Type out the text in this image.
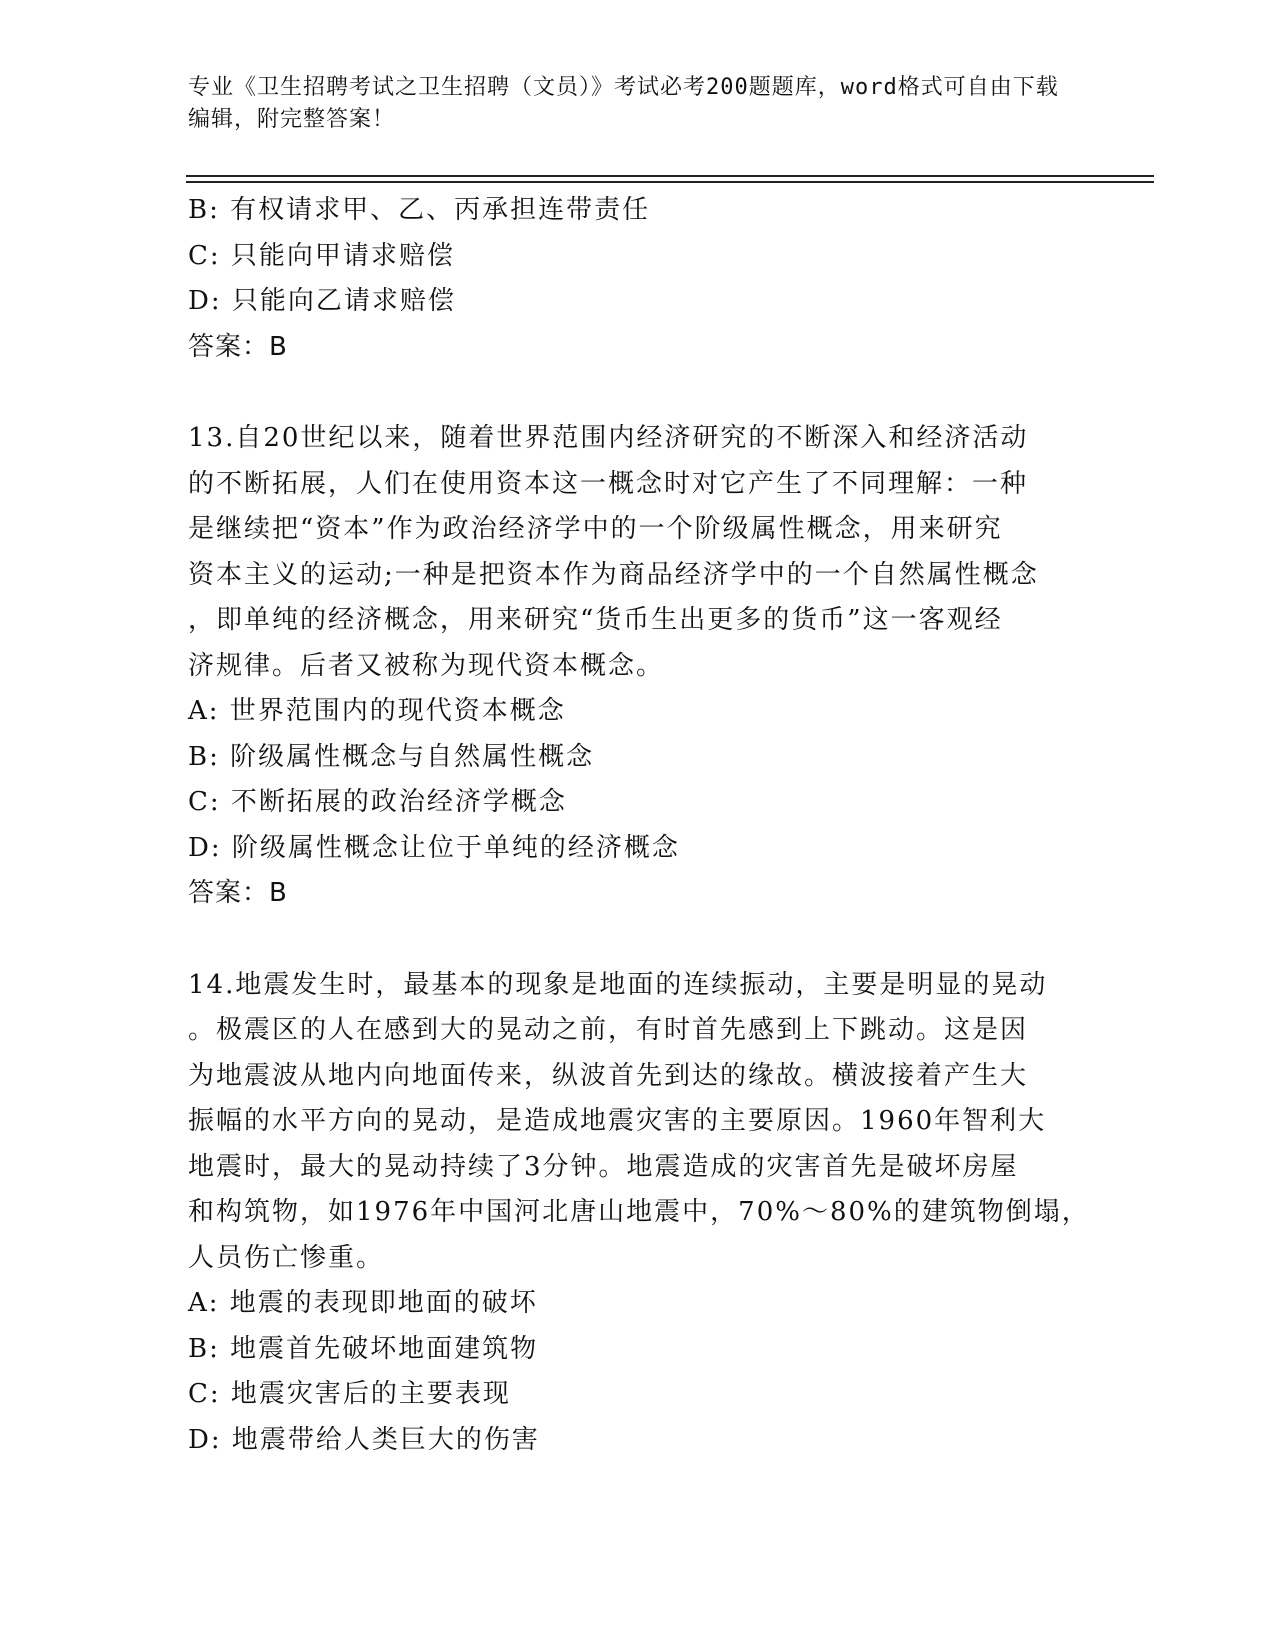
专业《卫生招聘考试之卫生招聘（文员）》考试必考200题题库，word格式可自由下载编辑，附完整答案！
B: 有权请求甲、乙、丙承担连带责任
C: 只能向甲请求赔偿
D: 只能向乙请求赔偿
答案：B
13.自20世纪以来，随着世界范围内经济研究的不断深入和经济活动
的不断拓展，人们在使用资本这一概念时对它产生了不同理解：一种
是继续把“资本”作为政治经济学中的一个阶级属性概念，用来研究
资本主义的运动;一种是把资本作为商品经济学中的一个自然属性概念
，即单纯的经济概念，用来研究“货币生出更多的货币”这一客观经
济规律。后者又被称为现代资本概念。
A: 世界范围内的现代资本概念
B: 阶级属性概念与自然属性概念
C: 不断拓展的政治经济学概念
D: 阶级属性概念让位于单纯的经济概念
答案：B
14.地震发生时，最基本的现象是地面的连续振动，主要是明显的晃动
。极震区的人在感到大的晃动之前，有时首先感到上下跳动。这是因
为地震波从地内向地面传来，纵波首先到达的缘故。横波接着产生大
振幅的水平方向的晃动，是造成地震灾害的主要原因。1960年智利大
地震时，最大的晃动持续了3分钟。地震造成的灾害首先是破坏房屋
和构筑物，如1976年中国河北唐山地震中，70%～80%的建筑物倒塌，
人员伤亡惨重。
A: 地震的表现即地面的破坏
B: 地震首先破坏地面建筑物
C: 地震灾害后的主要表现
D: 地震带给人类巨大的伤害
